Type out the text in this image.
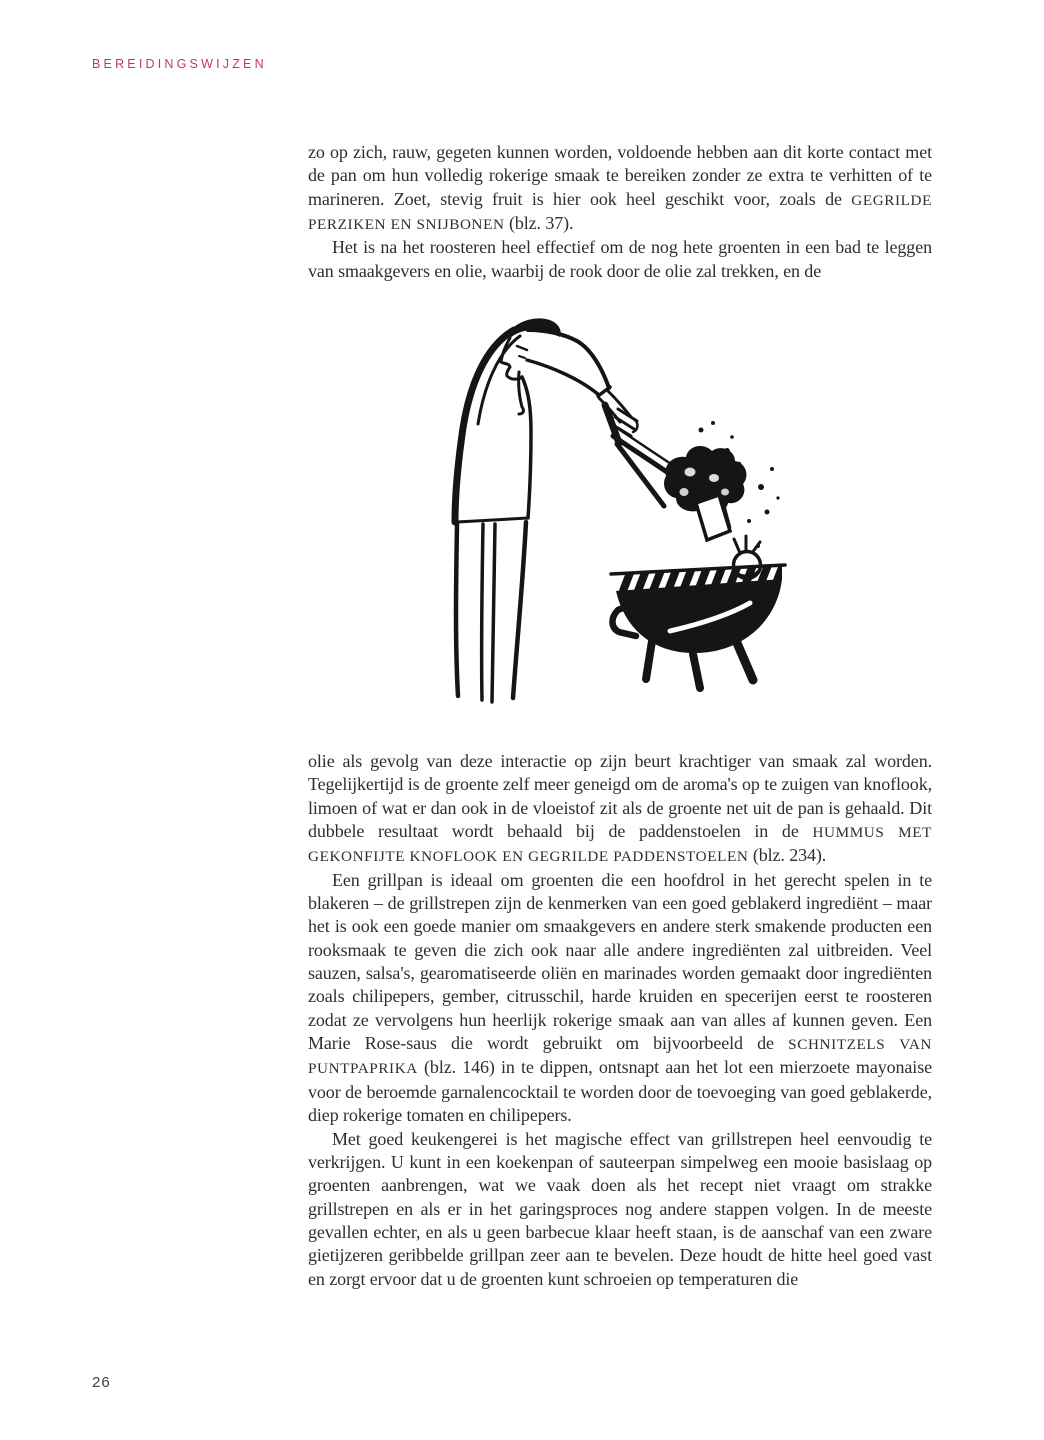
BEREIDINGSWIJZEN

zo op zich, rauw, gegeten kunnen worden, voldoende hebben aan dit korte contact met de pan om hun volledig rokerige smaak te bereiken zonder ze extra te verhitten of te marineren. Zoet, stevig fruit is hier ook heel geschikt voor, zoals de GEGRILDE PERZIKEN EN SNIJBONEN (blz. 37).

Het is na het roosteren heel effectief om de nog hete groenten in een bad te leggen van smaakgevers en olie, waarbij de rook door de olie zal trekken, en de

olie als gevolg van deze interactie op zijn beurt krachtiger van smaak zal worden. Tegelijkertijd is de groente zelf meer geneigd om de aroma's op te zuigen van knoflook, limoen of wat er dan ook in de vloeistof zit als de groente net uit de pan is gehaald. Dit dubbele resultaat wordt behaald bij de paddenstoelen in de HUMMUS MET GEKONFIJTE KNOFLOOK EN GEGRILDE PADDENSTOELEN (blz. 234).

Een grillpan is ideaal om groenten die een hoofdrol in het gerecht spelen in te blakeren – de grillstrepen zijn de kenmerken van een goed geblakerd ingrediënt – maar het is ook een goede manier om smaakgevers en andere sterk smakende producten een rooksmaak te geven die zich ook naar alle andere ingrediënten zal uitbreiden. Veel sauzen, salsa's, gearomatiseerde oliën en marinades worden gemaakt door ingrediënten zoals chilipepers, gember, citrusschil, harde kruiden en specerijen eerst te roosteren zodat ze vervolgens hun heerlijk rokerige smaak aan van alles af kunnen geven. Een Marie Rose-saus die wordt gebruikt om bijvoorbeeld de SCHNITZELS VAN PUNTPAPRIKA (blz. 146) in te dippen, ontsnapt aan het lot een mierzoete mayonaise voor de beroemde garnalencocktail te worden door de toevoeging van goed geblakerde, diep rokerige tomaten en chilipepers.

Met goed keukengerei is het magische effect van grillstrepen heel eenvoudig te verkrijgen. U kunt in een koekenpan of sauteerpan simpelweg een mooie basislaag op groenten aanbrengen, wat we vaak doen als het recept niet vraagt om strakke grillstrepen en als er in het garingsproces nog andere stappen volgen. In de meeste gevallen echter, en als u geen barbecue klaar heeft staan, is de aanschaf van een zware gietijzeren geribbelde grillpan zeer aan te bevelen. Deze houdt de hitte heel goed vast en zorgt ervoor dat u de groenten kunt schroeien op temperaturen die

26
